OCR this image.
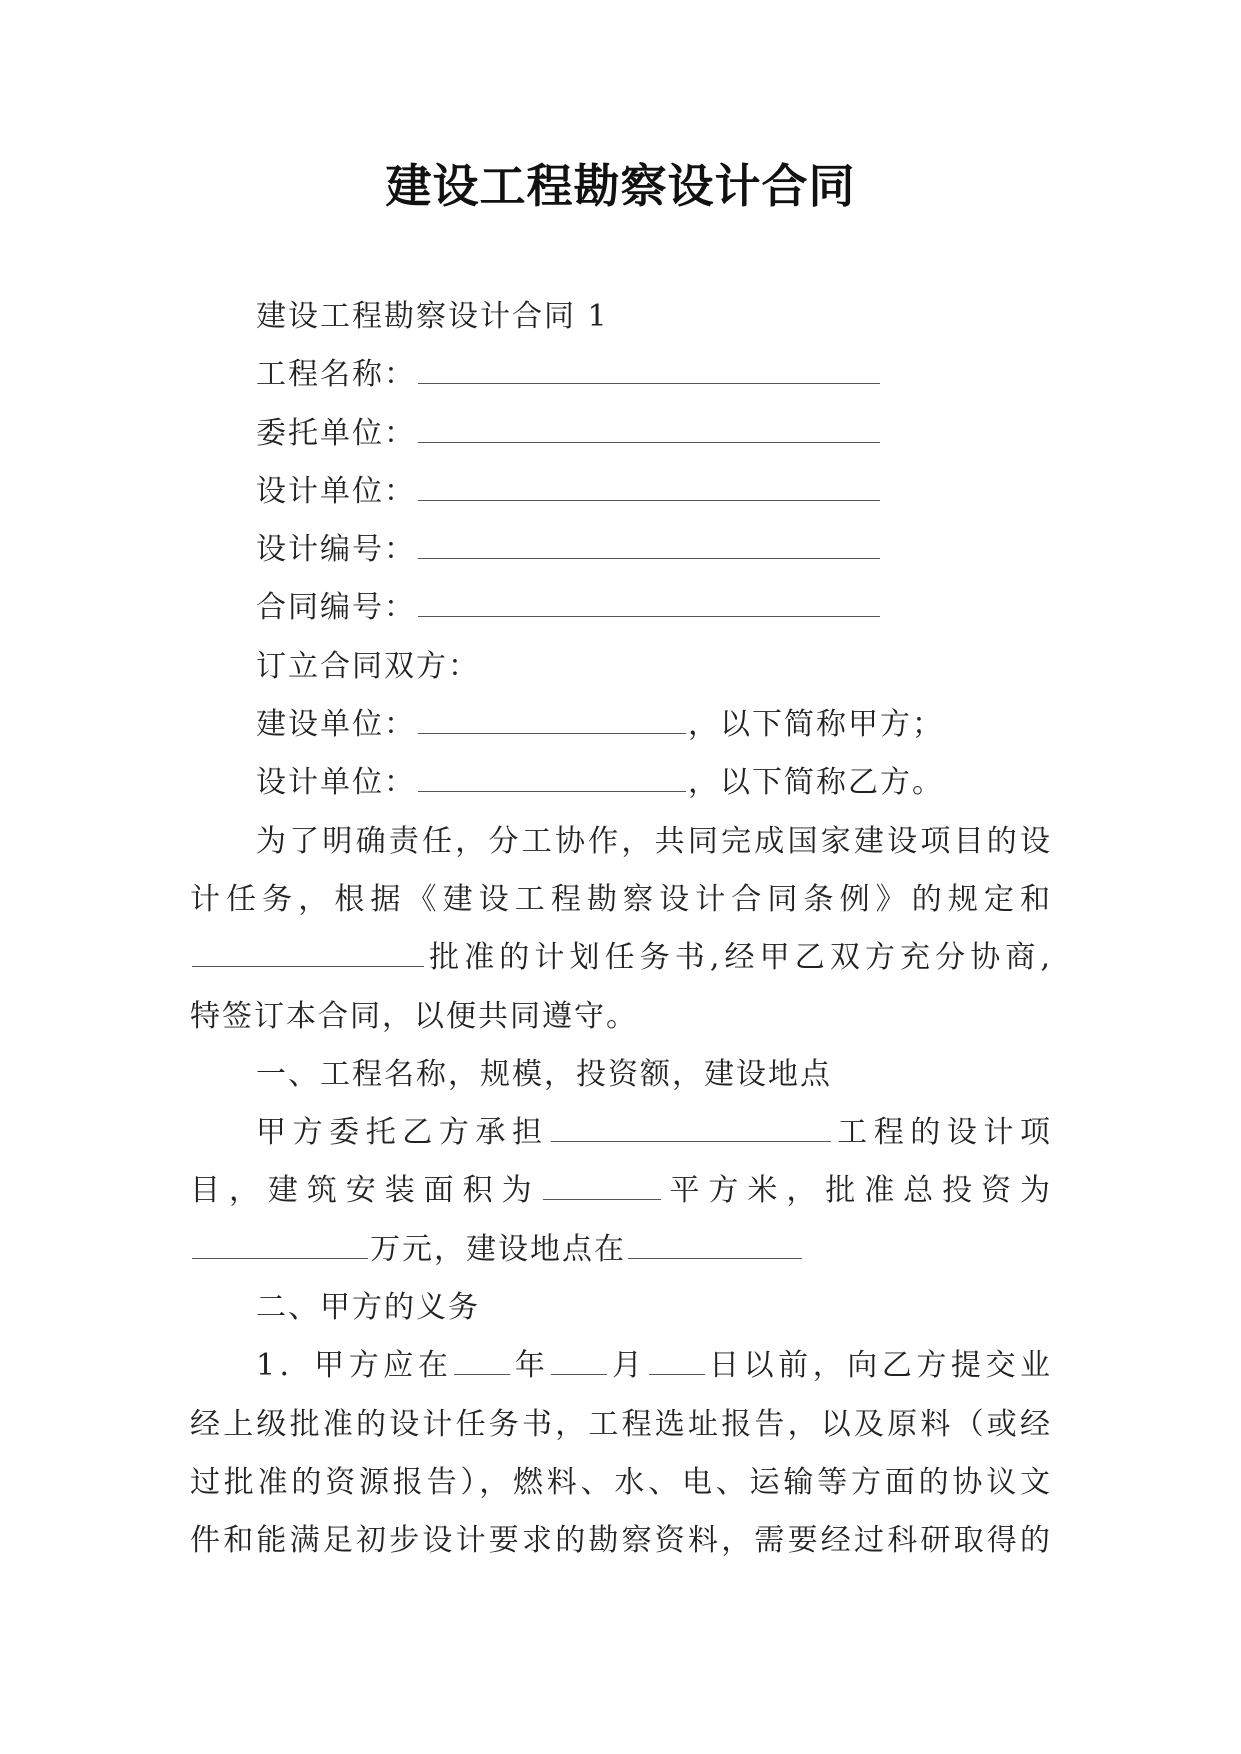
建设工程勘察设计合同
建设工程勘察设计合同 1
工程名称：
委托单位：
设计单位：
设计编号：
合同编号：
订立合同双方：
建设单位：	，以下简称甲方；
设计单位：	，以下简称乙方。
为了明确责任，分工协作，共同完成国家建设项目的设
计任务，根据《建设工程勘察设计合同条例》的规定和
批准的计划任务书,经甲乙双方充分协商,
特签订本合同，以便共同遵守。
一、工程名称，规模，投资额，建设地点
甲方委托乙方承担	工程的设计项
目，建筑安装面积为	平方米，批准总投资为
万元，建设地点在
二、甲方的义务
1．甲方应在 年 月 日以前，向乙方提交业
经上级批准的设计任务书，工程选址报告，以及原料（或经
过批准的资源报告），燃料、水、电、运输等方面的协议文
件和能满足初步设计要求的勘察资料，需要经过科研取得的
